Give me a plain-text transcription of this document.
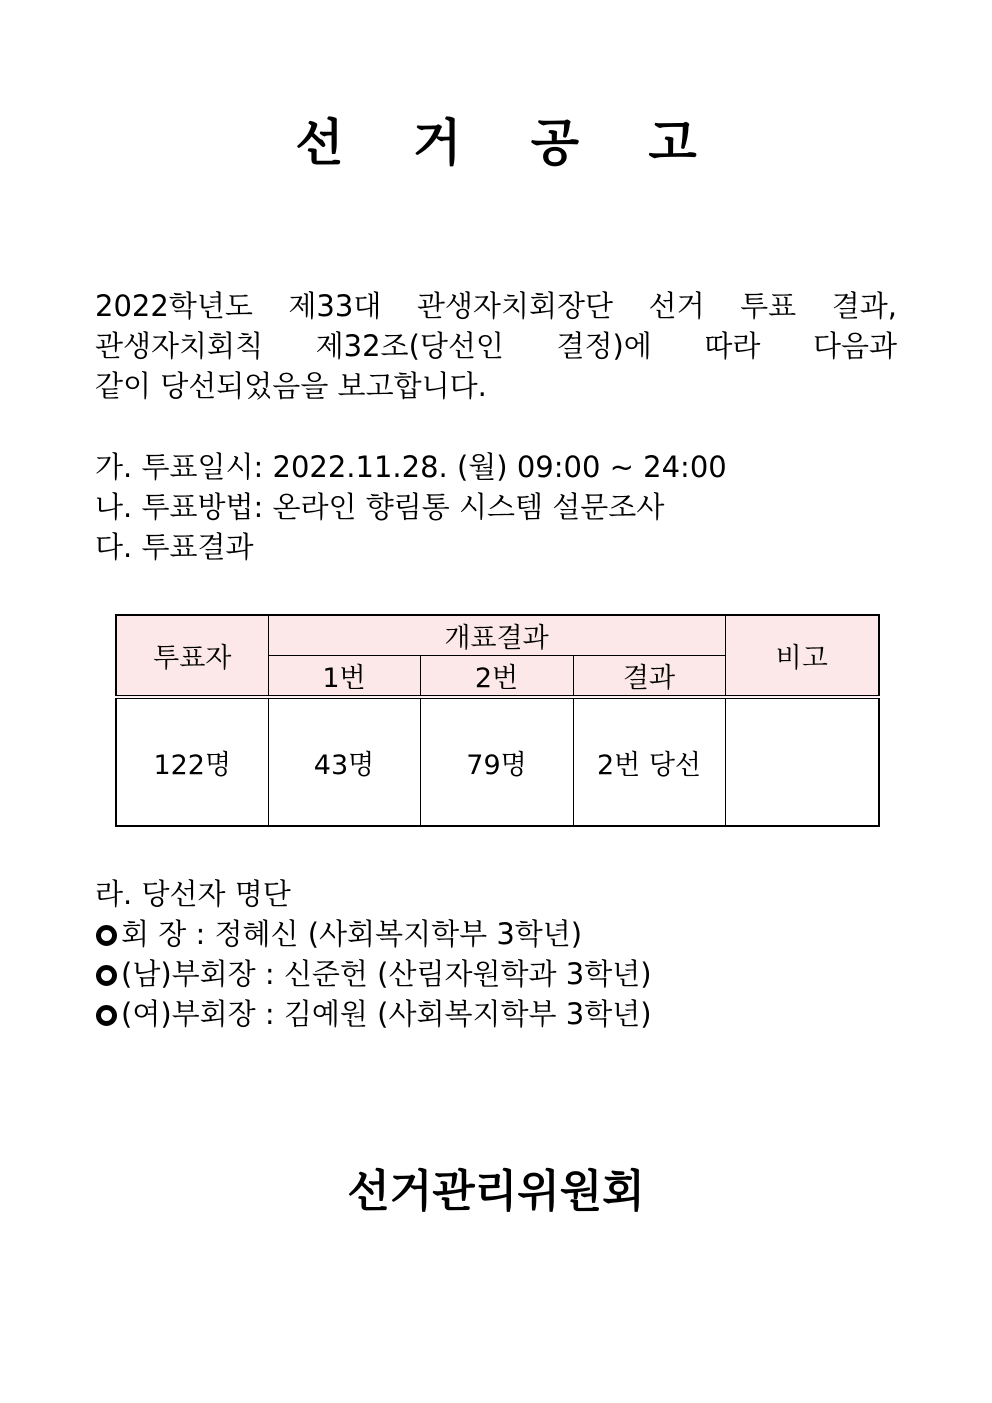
선 거 공 고
2022학년도 제33대 관생자치회장단 선거 투표 결과,
관생자치회칙 제32조(당선인 결정)에 따라 다음과
같이 당선되었음을 보고합니다.
가. 투표일시: 2022.11.28. (월) 09:00 ~ 24:00
나. 투표방법: 온라인 향림통 시스템 설문조사
다. 투표결과
투표자	개표결과			비고
	1번	2번	결과	
122명	43명	79명	2번 당선	
라. 당선자 명단
회 장 : 정혜신 (사회복지학부 3학년)
(남)부회장 : 신준헌 (산림자원학과 3학년)
(여)부회장 : 김예원 (사회복지학부 3학년)
선거관리위원회
